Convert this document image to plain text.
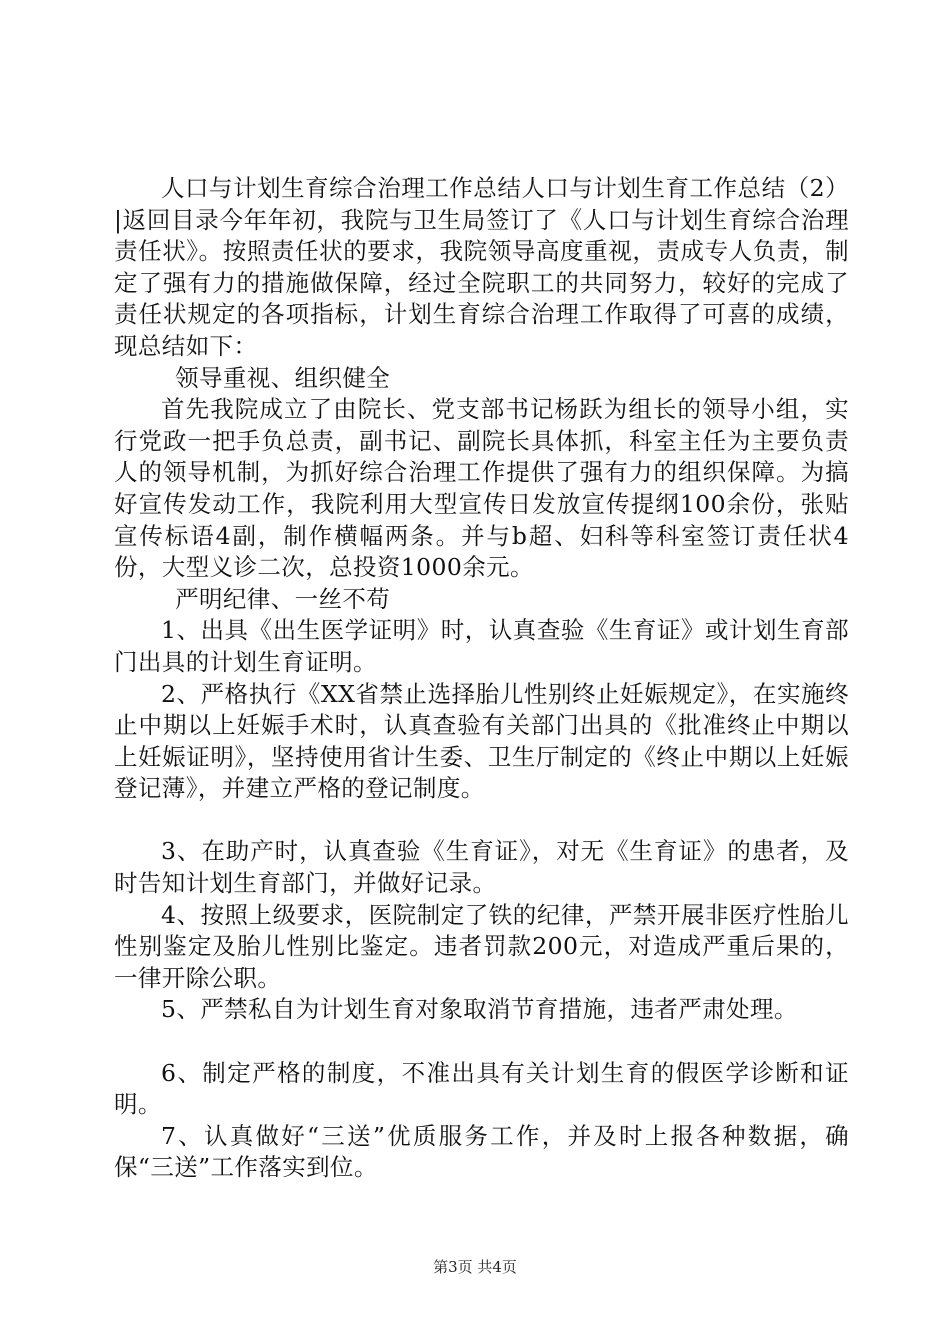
人口与计划生育综合治理工作总结人口与计划生育工作总结（2）|返回目录今年年初，我院与卫生局签订了《人口与计划生育综合治理责任状》。按照责任状的要求，我院领导高度重视，责成专人负责，制定了强有力的措施做保障，经过全院职工的共同努力，较好的完成了责任状规定的各项指标，计划生育综合治理工作取得了可喜的成绩，现总结如下：

领导重视、组织健全

首先我院成立了由院长、党支部书记杨跃为组长的领导小组，实行党政一把手负总责，副书记、副院长具体抓，科室主任为主要负责人的领导机制，为抓好综合治理工作提供了强有力的组织保障。为搞好宣传发动工作，我院利用大型宣传日发放宣传提纲100余份，张贴宣传标语4副，制作横幅两条。并与b超、妇科等科室签订责任状4份，大型义诊二次，总投资1000余元。

严明纪律、一丝不苟

1、出具《出生医学证明》时，认真查验《生育证》或计划生育部门出具的计划生育证明。

2、严格执行《XX省禁止选择胎儿性别终止妊娠规定》，在实施终止中期以上妊娠手术时，认真查验有关部门出具的《批准终止中期以上妊娠证明》，坚持使用省计生委、卫生厅制定的《终止中期以上妊娠登记薄》，并建立严格的登记制度。

3、在助产时，认真查验《生育证》，对无《生育证》的患者，及时告知计划生育部门，并做好记录。

4、按照上级要求，医院制定了铁的纪律，严禁开展非医疗性胎儿性别鉴定及胎儿性别比鉴定。违者罚款200元，对造成严重后果的，一律开除公职。

5、严禁私自为计划生育对象取消节育措施，违者严肃处理。

6、制定严格的制度，不准出具有关计划生育的假医学诊断和证明。

7、认真做好“三送”优质服务工作，并及时上报各种数据，确保“三送”工作落实到位。

第3页 共4页
